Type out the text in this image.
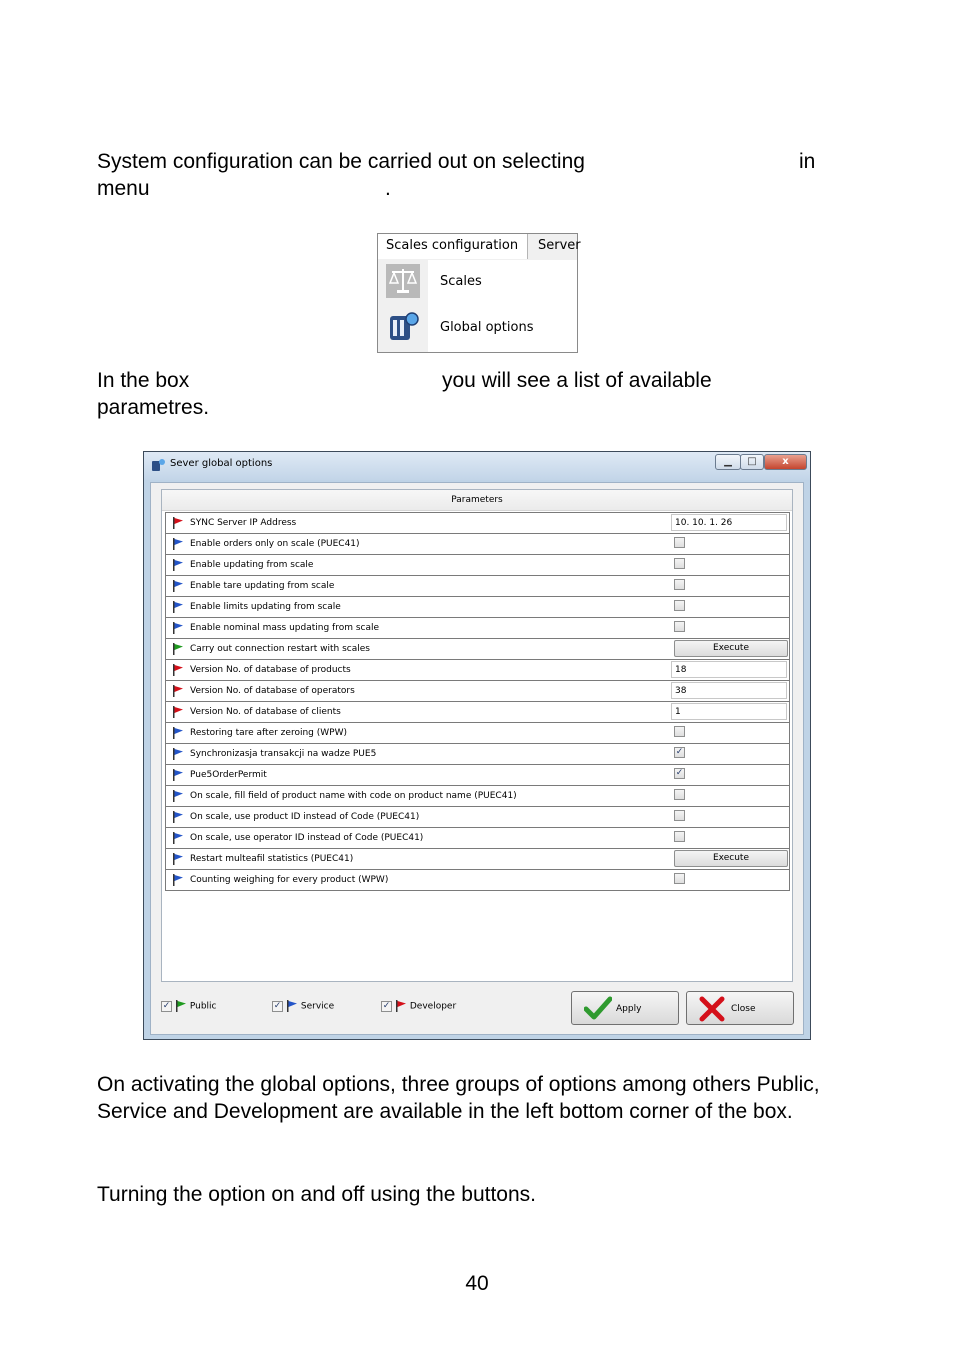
System configuration can be carried out on selecting	in
menu	.
Scales configuration	Server
Scales
Global options
In the box	you will see a list of available
parametres.
Sever global options	▁	□	x
Parameters
SYNC Server IP Address	10. 10. 1. 26
Enable orders only on scale (PUEC41)
Enable updating from scale
Enable tare updating from scale
Enable limits updating from scale
Enable nominal mass updating from scale
Carry out connection restart with scales	Execute
Version No. of database of products	18
Version No. of database of operators	38
Version No. of database of clients	1
Restoring tare after zeroing (WPW)
Synchronizasja transakcji na wadze PUE5	✓
Pue5OrderPermit	✓
On scale, fill field of product name with code on product name (PUEC41)
On scale, use product ID instead of Code (PUEC41)
On scale, use operator ID instead of Code (PUEC41)
Restart multeafil statistics (PUEC41)	Execute
Counting weighing for every product (WPW)
✓ Public	✓ Service	✓ Developer	Apply	Close
On activating the global options, three groups of options among others Public, Service and Development are available in the left bottom corner of the box.
Turning the option on and off using the buttons.
40
